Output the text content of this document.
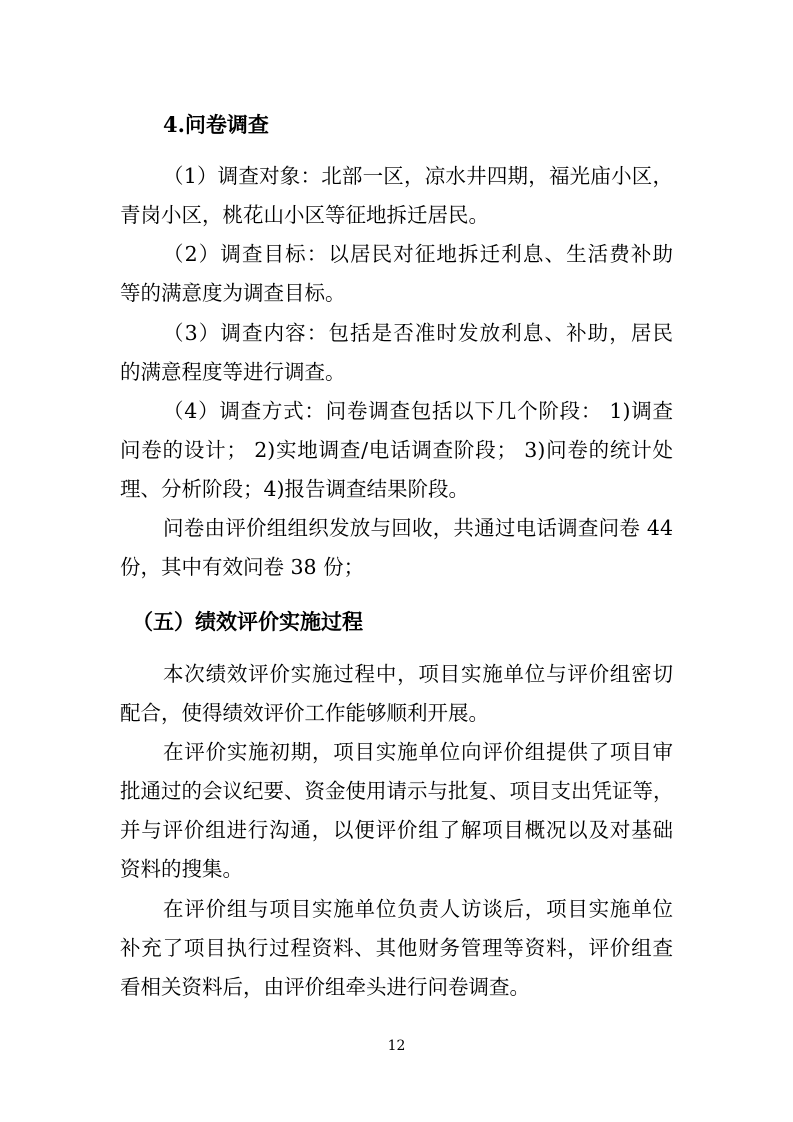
4.问卷调查
（1）调查对象：北部一区，凉水井四期，福光庙小区，
青岗小区，桃花山小区等征地拆迁居民。
（2）调查目标：以居民对征地拆迁利息、生活费补助
等的满意度为调查目标。
（3）调查内容：包括是否准时发放利息、补助，居民
的满意程度等进行调查。
（4）调查方式：问卷调查包括以下几个阶段： 1)调查
问卷的设计； 2)实地调查/电话调查阶段； 3)问卷的统计处
理、分析阶段；4)报告调查结果阶段。
问卷由评价组组织发放与回收，共通过电话调查问卷 44
份，其中有效问卷 38 份；
（五）绩效评价实施过程
本次绩效评价实施过程中，项目实施单位与评价组密切
配合，使得绩效评价工作能够顺利开展。
在评价实施初期，项目实施单位向评价组提供了项目审
批通过的会议纪要、资金使用请示与批复、项目支出凭证等，
并与评价组进行沟通，以便评价组了解项目概况以及对基础
资料的搜集。
在评价组与项目实施单位负责人访谈后，项目实施单位
补充了项目执行过程资料、其他财务管理等资料，评价组查
看相关资料后，由评价组牵头进行问卷调查。
12
